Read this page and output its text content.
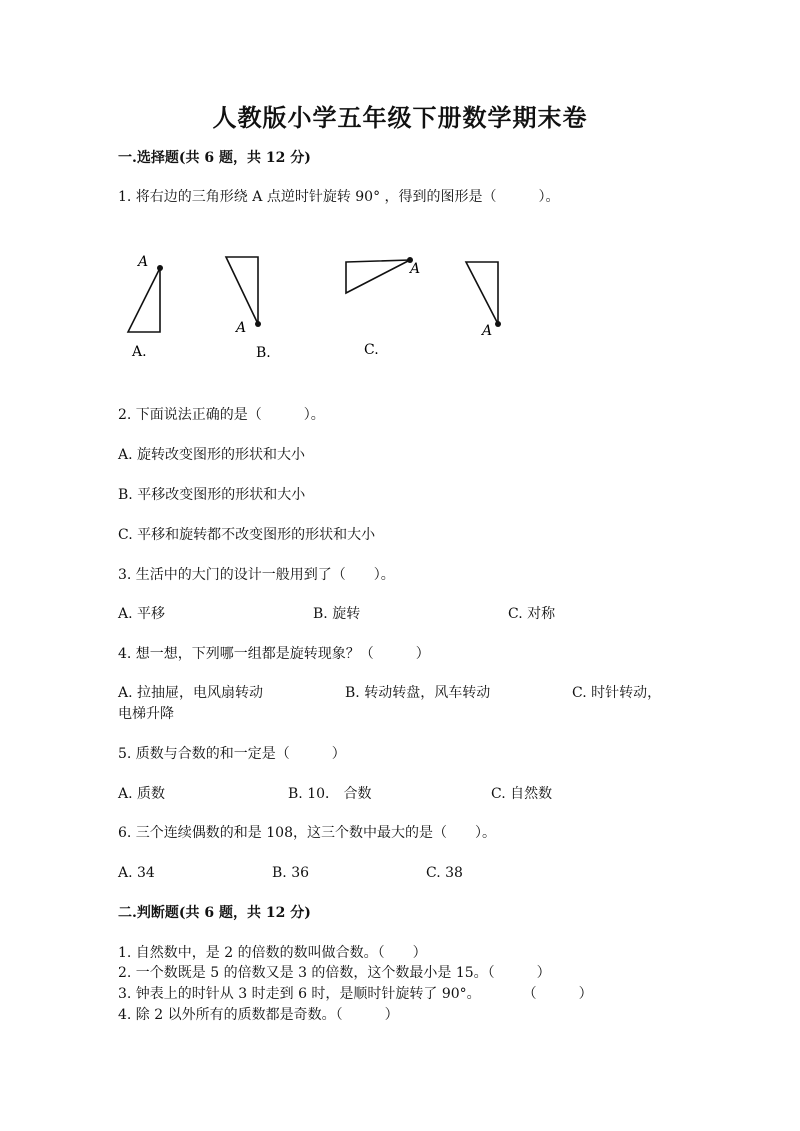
人教版小学五年级下册数学期末卷
一.选择题(共 6 题，共 12 分)
1. 将右边的三角形绕 A 点逆时针旋转 90° ，得到的图形是（　　　）。
A
A.
A
B.
A
C.
A
2. 下面说法正确的是（　　　）。
A. 旋转改变图形的形状和大小
B. 平移改变图形的形状和大小
C. 平移和旋转都不改变图形的形状和大小
3. 生活中的大门的设计一般用到了（　　）。
A. 平移	B. 旋转	C. 对称
4. 想一想，下列哪一组都是旋转现象？（　　　）
A. 拉抽屉，电风扇转动	B. 转动转盘，风车转动	C. 时针转动，
电梯升降
5. 质数与合数的和一定是（　　　）
A. 质数	B. 10． 合数	C. 自然数
6. 三个连续偶数的和是 108，这三个数中最大的是（　　）。
A. 34	B. 36	C. 38
二.判断题(共 6 题，共 12 分)
1. 自然数中，是 2 的倍数的数叫做合数。（　　）
2. 一个数既是 5 的倍数又是 3 的倍数，这个数最小是 15。（　　　）
3. 钟表上的时针从 3 时走到 6 时，是顺时针旋转了 90°。　　　　（　　　）
4. 除 2 以外所有的质数都是奇数。（　　　）
